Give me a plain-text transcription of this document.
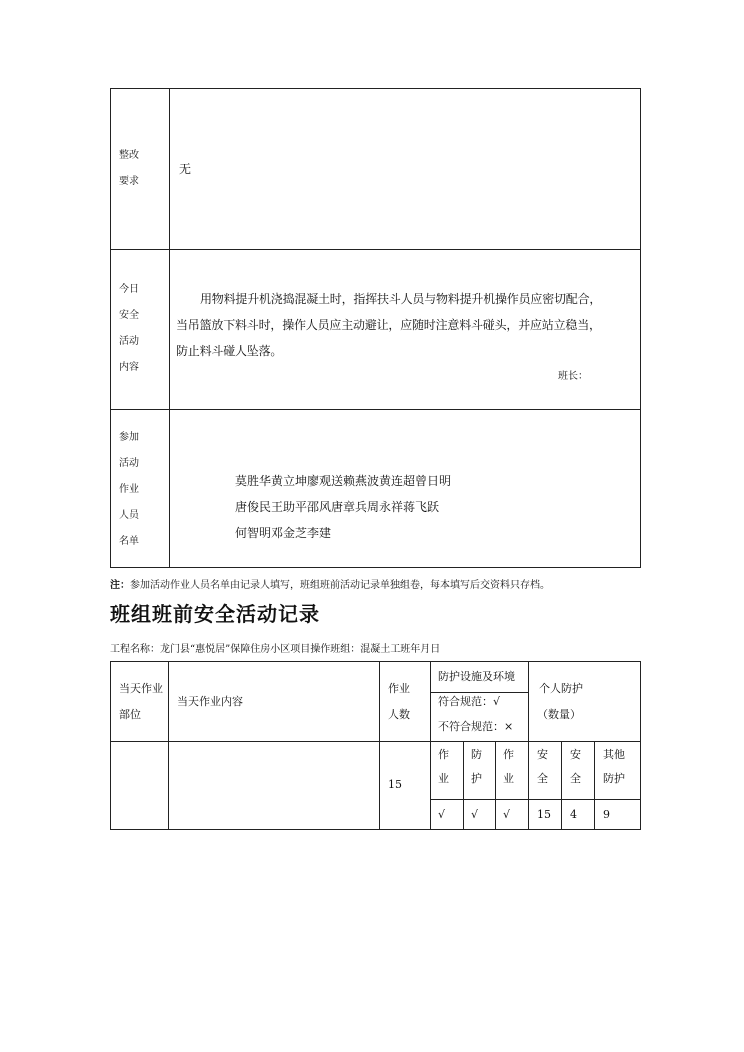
整改
要求
无
今日
安全
活动
内容
用物料提升机浇捣混凝土时，指挥扶斗人员与物料提升机操作员应密切配合，
当吊篮放下料斗时，操作人员应主动避让，应随时注意料斗碰头，并应站立稳当，
防止料斗碰人坠落。
班长：
参加
活动
作业
人员
名单
莫胜华黄立坤廖观送赖燕波黄连超曾日明
唐俊民王助平邵风唐章兵周永祥蒋飞跃
何智明邓金芝李建
注：参加活动作业人员名单由记录人填写，班组班前活动记录单独组卷，每本填写后交资料只存档。
班组班前安全活动记录
工程名称：龙门县“惠悦居”保障住房小区项目操作班组：混凝土工班年月日
当天作业
部位
当天作业内容
作业
人数
防护设施及环境
符合规范：√
不符合规范：×
个人防护
（数量）
15
作
业
防
护
作
业
安
全
安
全
其他
防护
√ √ √ 15 4 9
